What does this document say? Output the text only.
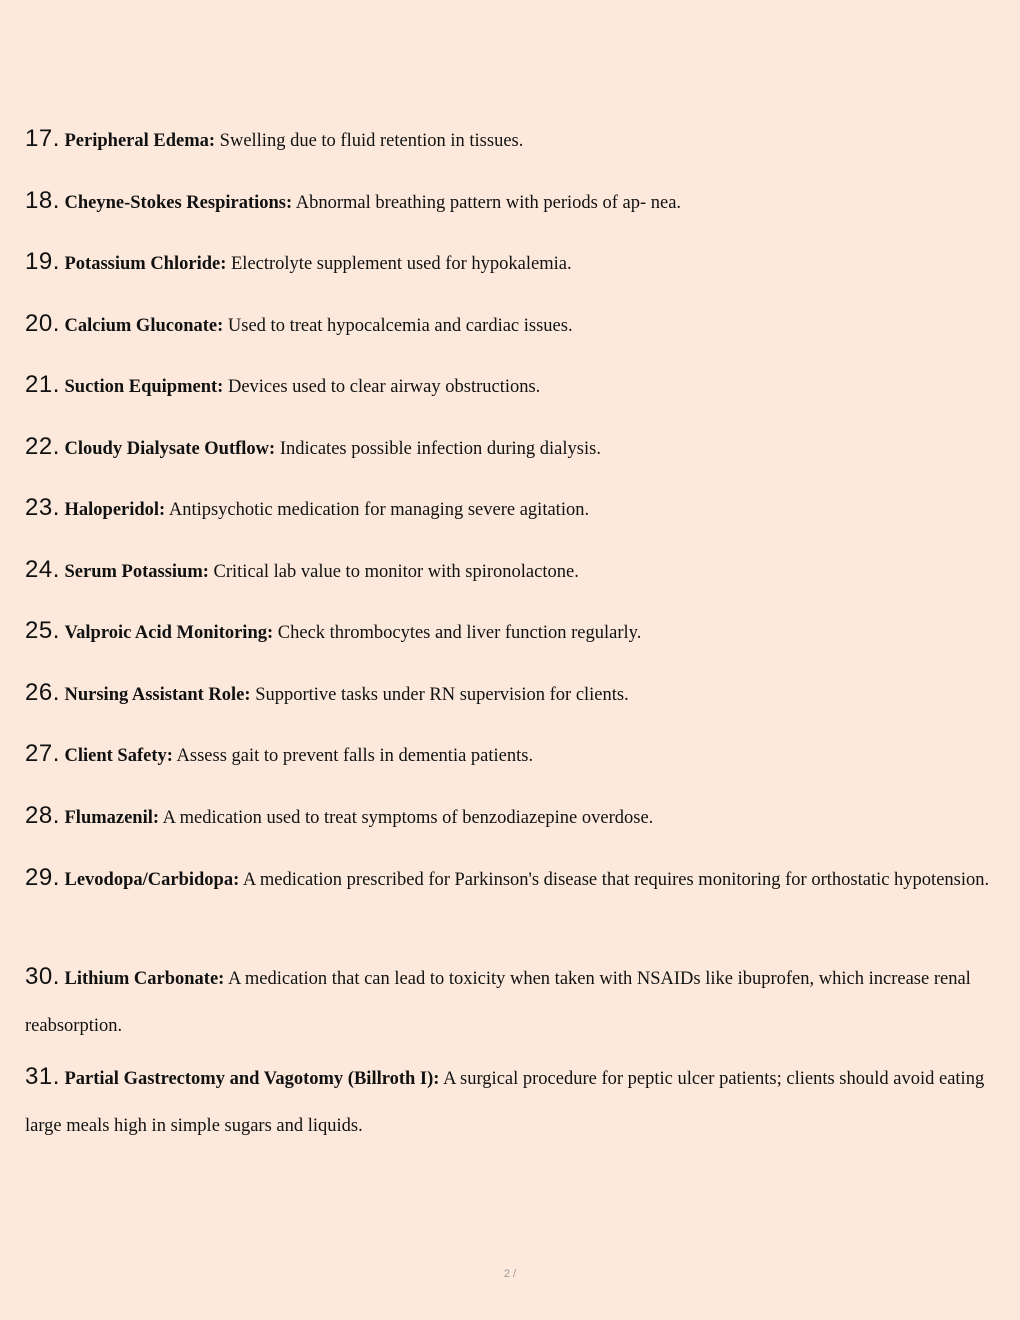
17. Peripheral Edema: Swelling due to fluid retention in tissues.
18. Cheyne-Stokes Respirations: Abnormal breathing pattern with periods of ap- nea.
19. Potassium Chloride: Electrolyte supplement used for hypokalemia.
20. Calcium Gluconate: Used to treat hypocalcemia and cardiac issues.
21. Suction Equipment: Devices used to clear airway obstructions.
22. Cloudy Dialysate Outflow: Indicates possible infection during dialysis.
23. Haloperidol: Antipsychotic medication for managing severe agitation.
24. Serum Potassium: Critical lab value to monitor with spironolactone.
25. Valproic Acid Monitoring: Check thrombocytes and liver function regularly.
26. Nursing Assistant Role: Supportive tasks under RN supervision for clients.
27. Client Safety: Assess gait to prevent falls in dementia patients.
28. Flumazenil: A medication used to treat symptoms of benzodiazepine overdose.
29. Levodopa/Carbidopa: A medication prescribed for Parkinson's disease that requires monitoring for orthostatic hypotension.
30. Lithium Carbonate: A medication that can lead to toxicity when taken with NSAIDs like ibuprofen, which increase renal reabsorption.
31. Partial Gastrectomy and Vagotomy (Billroth I): A surgical procedure for peptic ulcer patients; clients should avoid eating large meals high in simple sugars and liquids.
2 /
